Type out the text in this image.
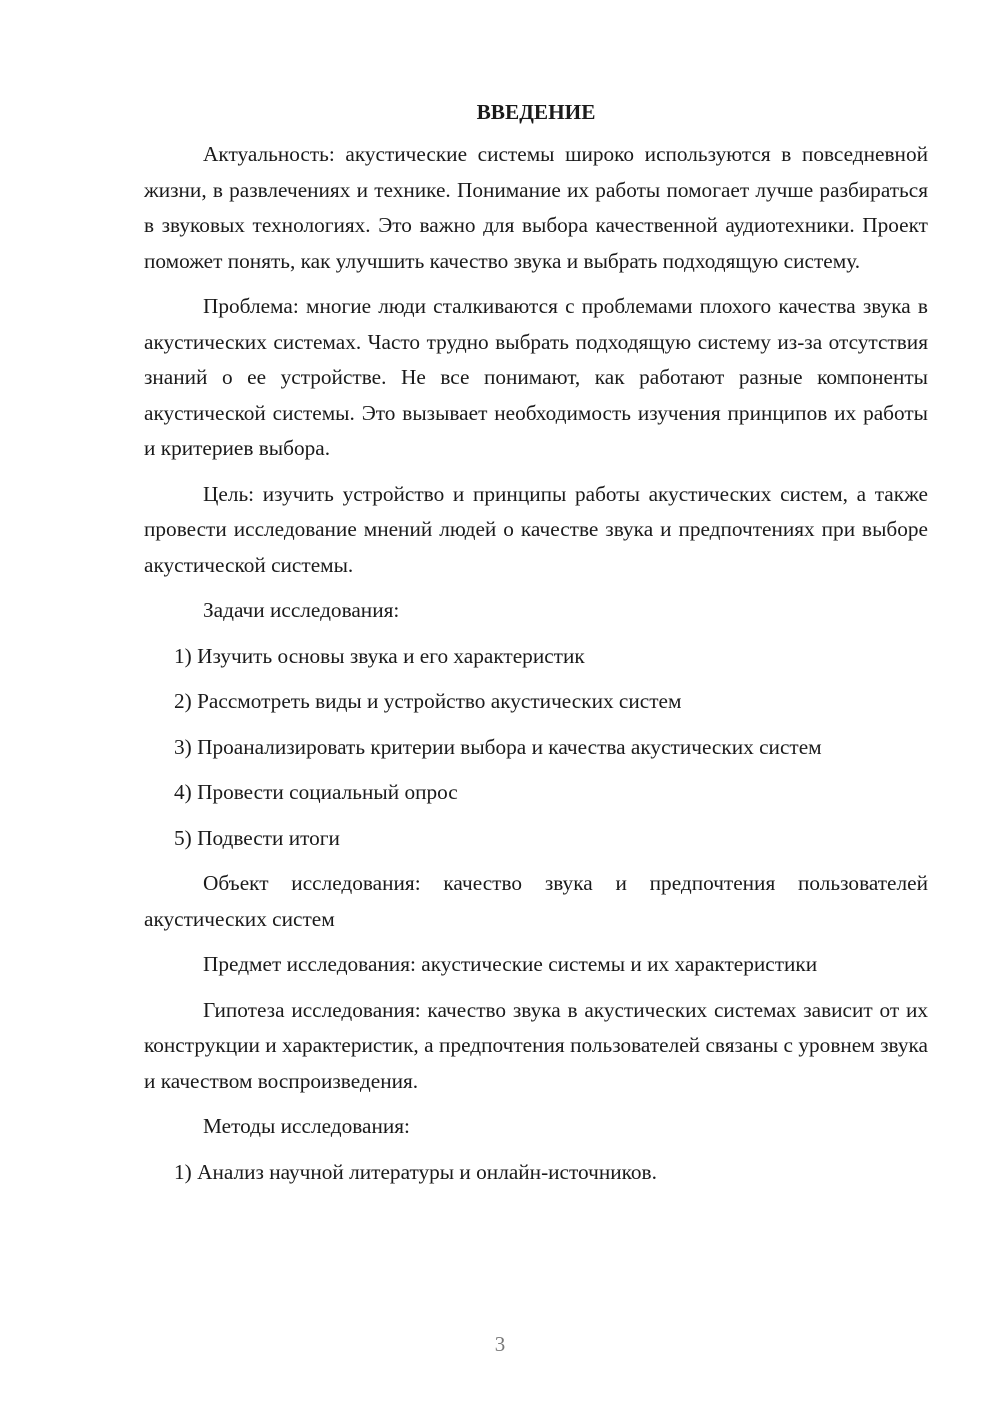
ВВЕДЕНИЕ
Актуальность: акустические системы широко используются в повседневной жизни, в развлечениях и технике. Понимание их работы помогает лучше разбираться в звуковых технологиях. Это важно для выбора качественной аудиотехники. Проект поможет понять, как улучшить качество звука и выбрать подходящую систему.
Проблема: многие люди сталкиваются с проблемами плохого качества звука в акустических системах. Часто трудно выбрать подходящую систему из-за отсутствия знаний о ее устройстве. Не все понимают, как работают разные компоненты акустической системы. Это вызывает необходимость изучения принципов их работы и критериев выбора.
Цель: изучить устройство и принципы работы акустических систем, а также провести исследование мнений людей о качестве звука и предпочтениях при выборе акустической системы.
Задачи исследования:
1) Изучить основы звука и его характеристик
2) Рассмотреть виды и устройство акустических систем
3) Проанализировать критерии выбора и качества акустических систем
4) Провести социальный опрос
5) Подвести итоги
Объект исследования: качество звука и предпочтения пользователей акустических систем
Предмет исследования: акустические системы и их характеристики
Гипотеза исследования: качество звука в акустических системах зависит от их конструкции и характеристик, а предпочтения пользователей связаны с уровнем звука и качеством воспроизведения.
Методы исследования:
1) Анализ научной литературы и онлайн-источников.
3
